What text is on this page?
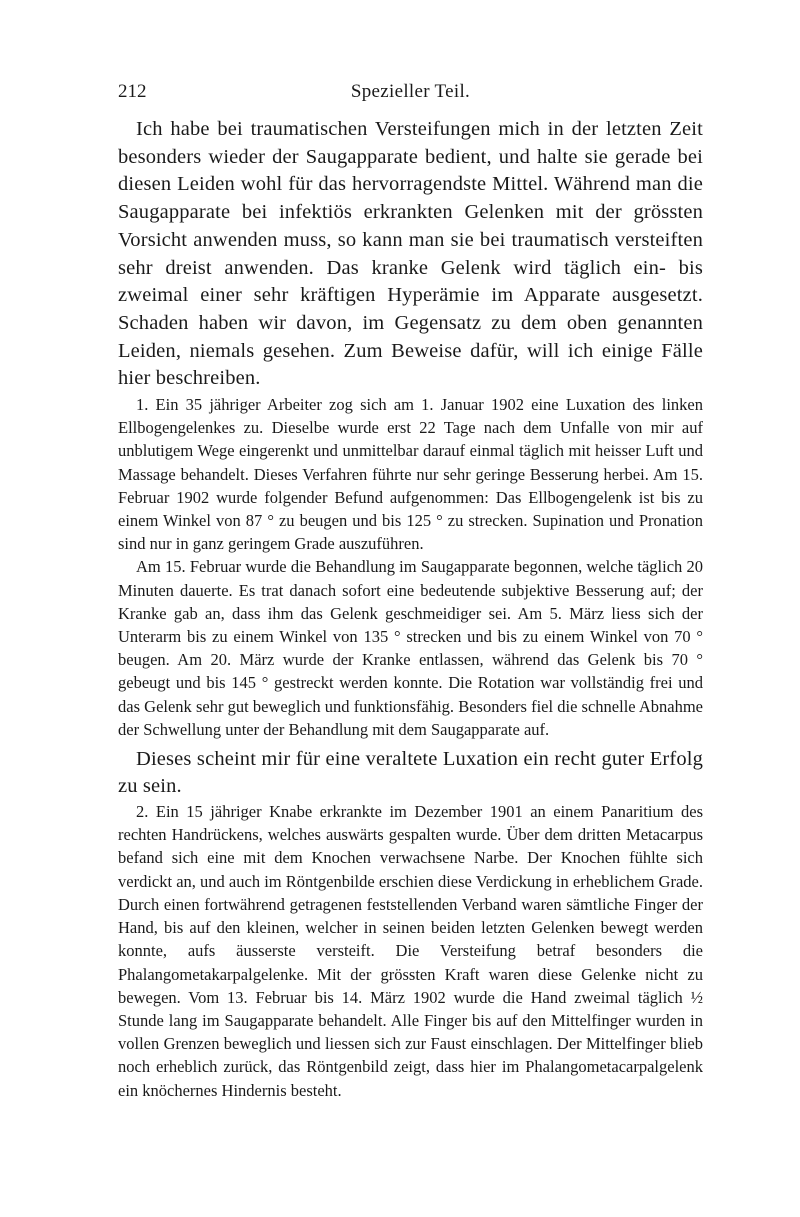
212	Spezieller Teil.

Ich habe bei traumatischen Versteifungen mich in der letzten Zeit besonders wieder der Saugapparate bedient, und halte sie gerade bei diesen Leiden wohl für das hervorragendste Mittel. Während man die Saugapparate bei infektiös erkrankten Gelenken mit der grössten Vorsicht anwenden muss, so kann man sie bei traumatisch versteiften sehr dreist anwenden. Das kranke Gelenk wird täglich ein- bis zweimal einer sehr kräftigen Hyperämie im Apparate ausgesetzt. Schaden haben wir davon, im Gegensatz zu dem oben genannten Leiden, niemals gesehen. Zum Beweise dafür, will ich einige Fälle hier beschreiben.

1. Ein 35 jähriger Arbeiter zog sich am 1. Januar 1902 eine Luxation des linken Ellbogengelenkes zu. Dieselbe wurde erst 22 Tage nach dem Unfalle von mir auf unblutigem Wege eingerenkt und unmittelbar darauf einmal täglich mit heisser Luft und Massage behandelt. Dieses Verfahren führte nur sehr geringe Besserung herbei. Am 15. Februar 1902 wurde folgender Befund aufgenommen: Das Ellbogengelenk ist bis zu einem Winkel von 87 ° zu beugen und bis 125 ° zu strecken. Supination und Pronation sind nur in ganz geringem Grade auszuführen.

Am 15. Februar wurde die Behandlung im Saugapparate begonnen, welche täglich 20 Minuten dauerte. Es trat danach sofort eine bedeutende subjektive Besserung auf; der Kranke gab an, dass ihm das Gelenk geschmeidiger sei. Am 5. März liess sich der Unterarm bis zu einem Winkel von 135 ° strecken und bis zu einem Winkel von 70 ° beugen. Am 20. März wurde der Kranke entlassen, während das Gelenk bis 70 ° gebeugt und bis 145 ° gestreckt werden konnte. Die Rotation war vollständig frei und das Gelenk sehr gut beweglich und funktionsfähig. Besonders fiel die schnelle Abnahme der Schwellung unter der Behandlung mit dem Saugapparate auf.

Dieses scheint mir für eine veraltete Luxation ein recht guter Erfolg zu sein.

2. Ein 15 jähriger Knabe erkrankte im Dezember 1901 an einem Panaritium des rechten Handrückens, welches auswärts gespalten wurde. Über dem dritten Metacarpus befand sich eine mit dem Knochen verwachsene Narbe. Der Knochen fühlte sich verdickt an, und auch im Röntgenbilde erschien diese Verdickung in erheblichem Grade. Durch einen fortwährend getragenen feststellenden Verband waren sämtliche Finger der Hand, bis auf den kleinen, welcher in seinen beiden letzten Gelenken bewegt werden konnte, aufs äusserste versteift. Die Versteifung betraf besonders die Phalangometakarpalgelenke. Mit der grössten Kraft waren diese Gelenke nicht zu bewegen. Vom 13. Februar bis 14. März 1902 wurde die Hand zweimal täglich ½ Stunde lang im Saugapparate behandelt. Alle Finger bis auf den Mittelfinger wurden in vollen Grenzen beweglich und liessen sich zur Faust einschlagen. Der Mittelfinger blieb noch erheblich zurück, das Röntgenbild zeigt, dass hier im Phalangometacarpalgelenk ein knöchernes Hindernis besteht.
